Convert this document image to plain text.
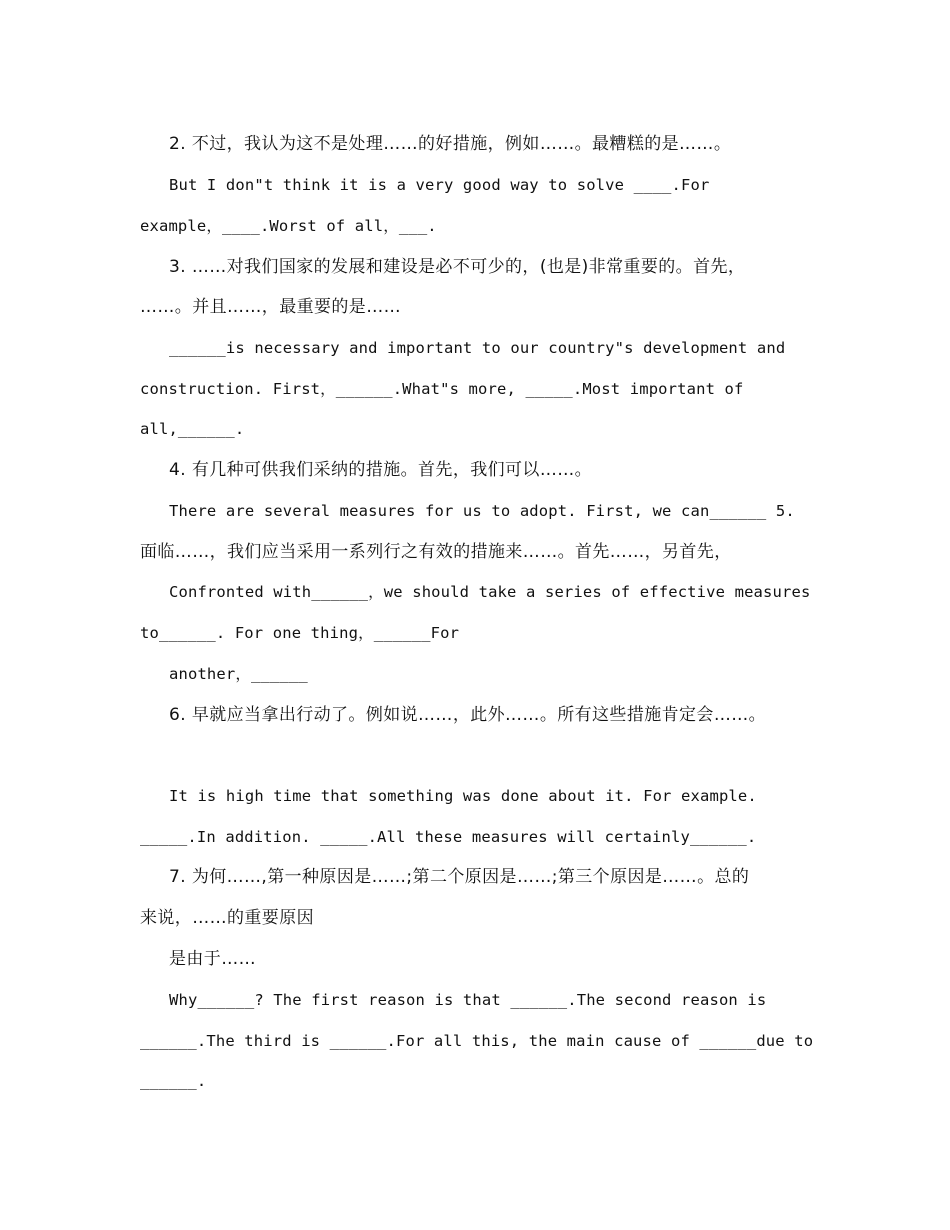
2. 不过，我认为这不是处理……的好措施，例如……。最糟糕的是……。
But I don"t think it is a very good way to solve ____.For
example，____.Worst of all，___.
3. ……对我们国家的发展和建设是必不可少的，(也是)非常重要的。首先，
……。并且……，最重要的是……
______is necessary and important to our country"s development and
construction. First，______.What"s more, _____.Most important of
all,______.
4. 有几种可供我们采纳的措施。首先，我们可以……。
There are several measures for us to adopt. First, we can______ 5.
面临……，我们应当采用一系列行之有效的措施来……。首先……，另首先，
Confronted with______，we should take a series of effective measures
to______. For one thing，______For
another，______
6. 早就应当拿出行动了。例如说……，此外……。所有这些措施肯定会……。
It is high time that something was done about it. For example.
_____.In addition. _____.All these measures will certainly______.
7. 为何……,第一种原因是……;第二个原因是……;第三个原因是……。总的
来说，……的重要原因
是由于……
Why______? The first reason is that ______.The second reason is
______.The third is ______.For all this, the main cause of ______due to
______.
